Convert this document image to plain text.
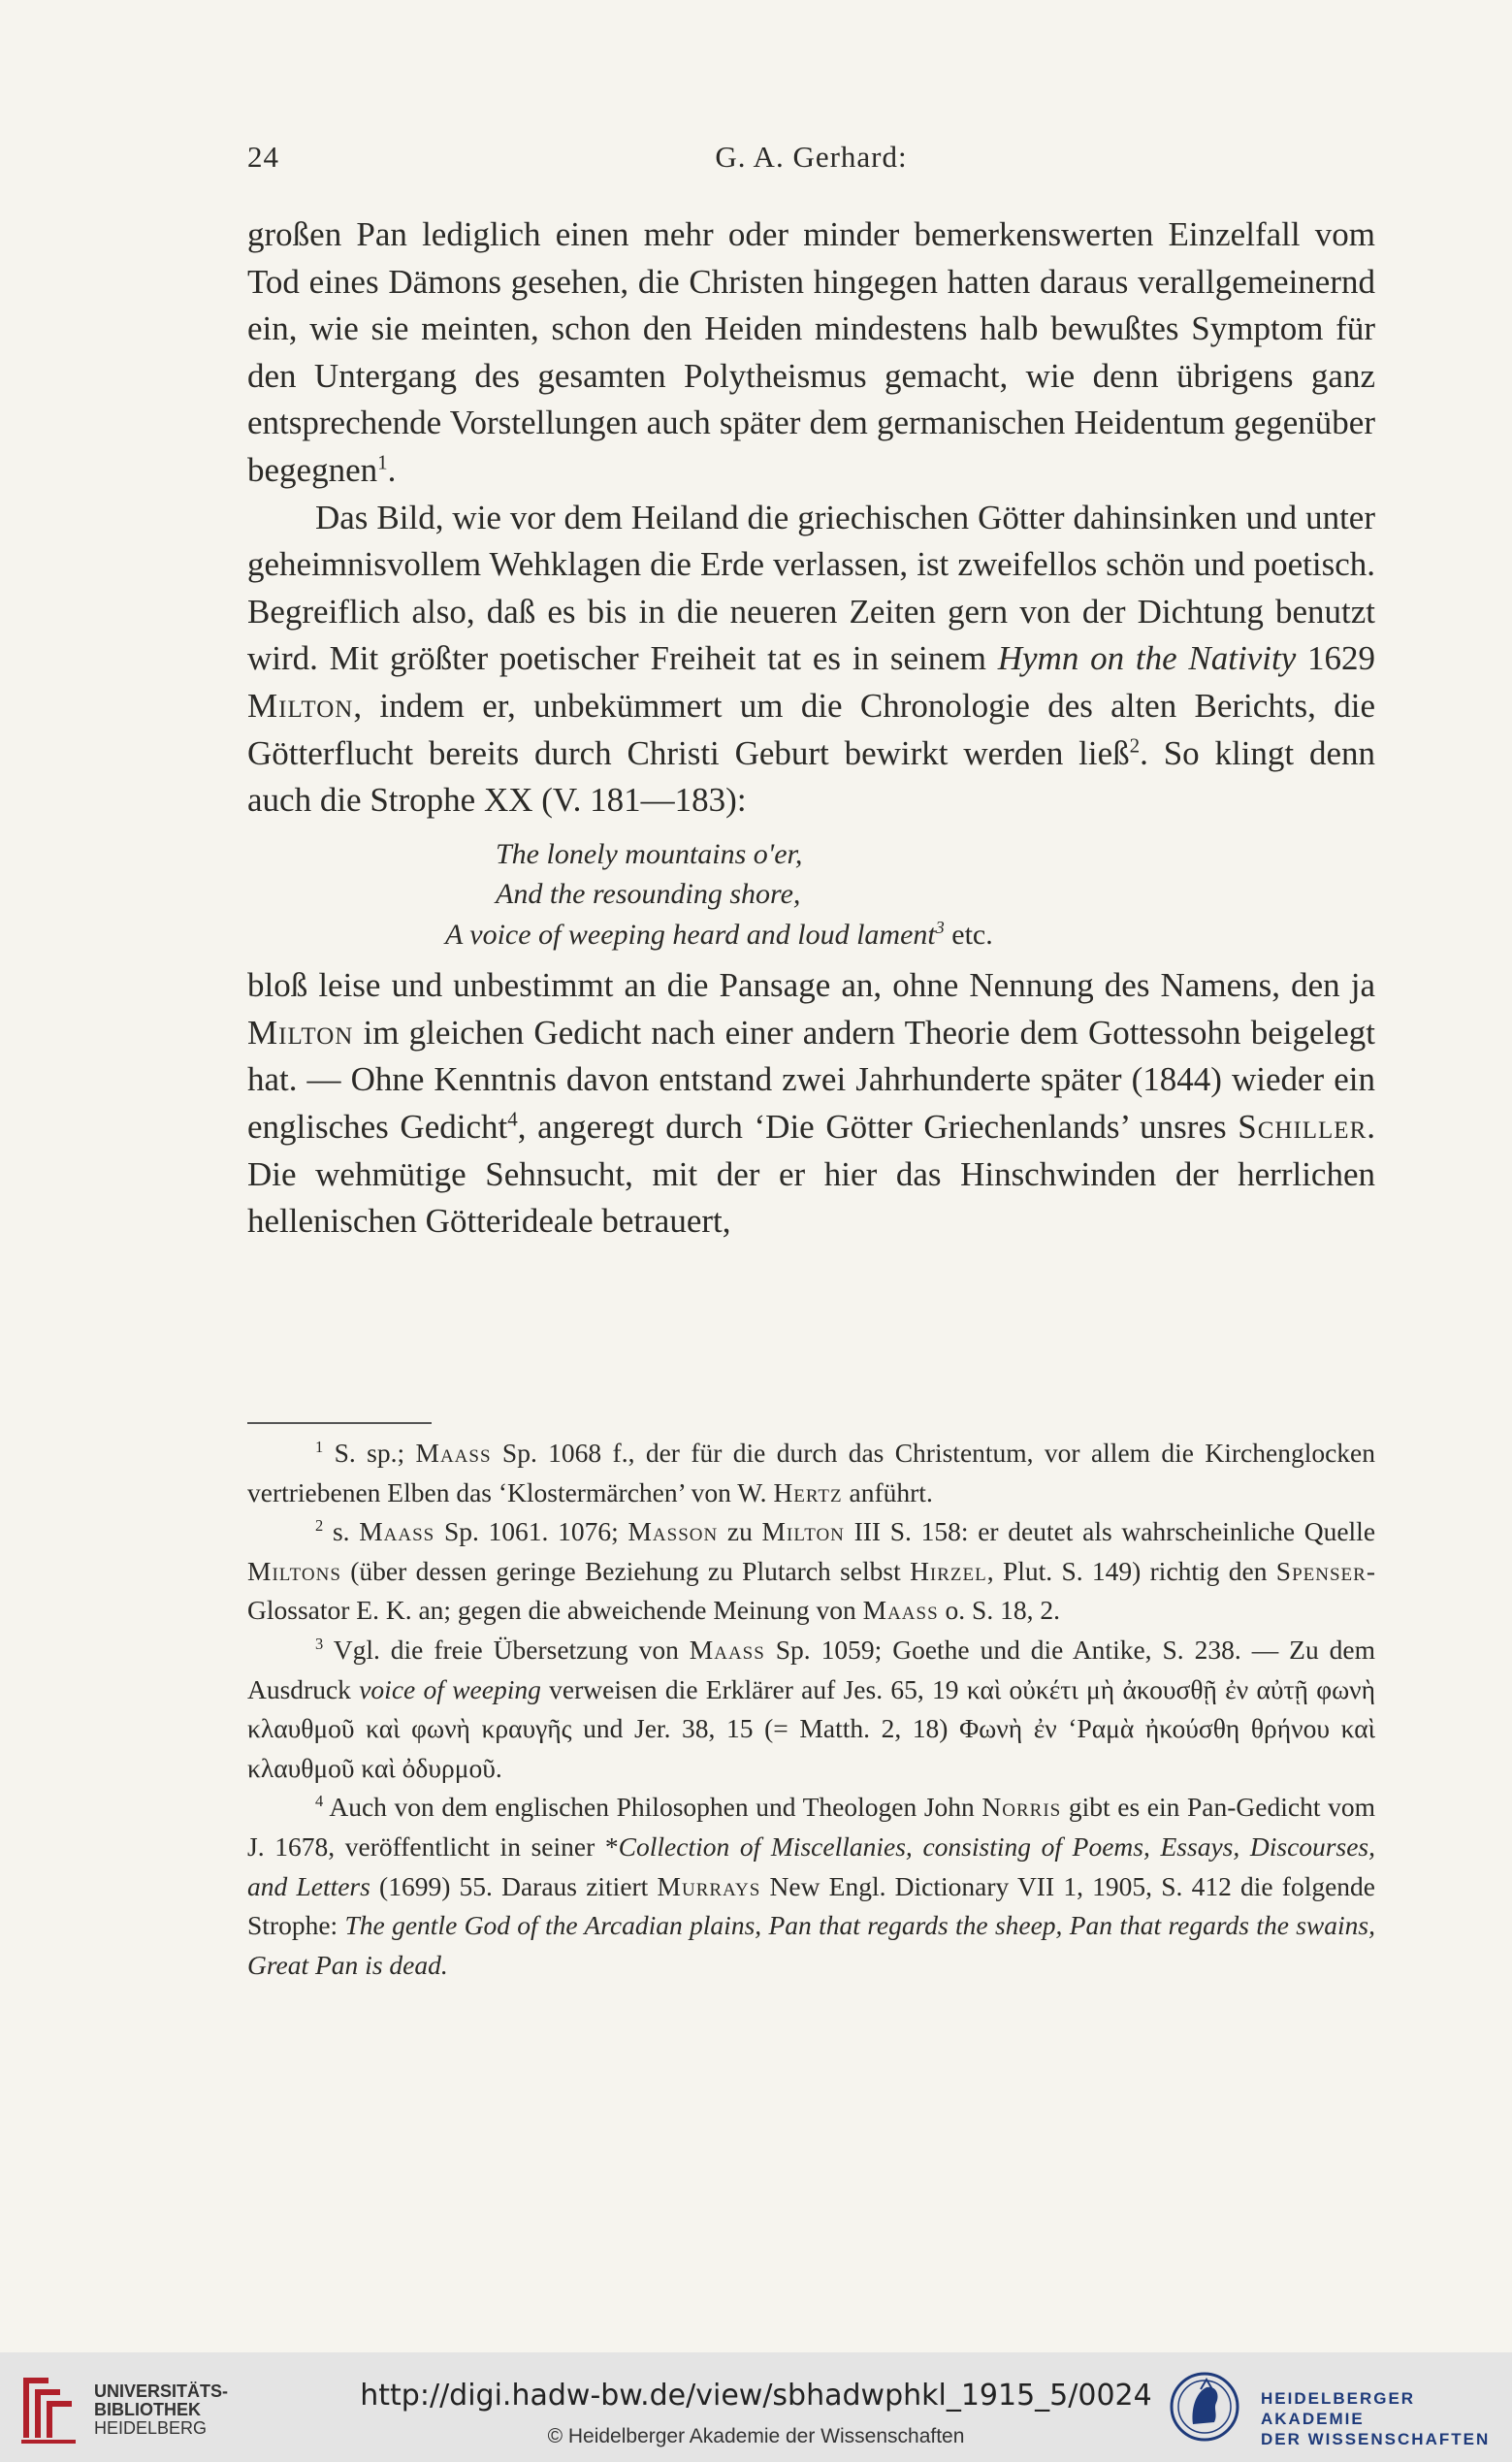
24	G. A. Gerhard:

großen Pan lediglich einen mehr oder minder bemerkenswerten Einzelfall vom Tod eines Dämons gesehen, die Christen hingegen hatten daraus verallgemeinernd ein, wie sie meinten, schon den Heiden mindestens halb bewußtes Symptom für den Untergang des gesamten Polytheismus gemacht, wie denn übrigens ganz entsprechende Vorstellungen auch später dem germanischen Heidentum gegenüber begegnen$^1$.

Das Bild, wie vor dem Heiland die griechischen Götter dahinsinken und unter geheimnisvollem Wehklagen die Erde verlassen, ist zweifellos schön und poetisch. Begreiflich also, daß es bis in die neueren Zeiten gern von der Dichtung benutzt wird. Mit größter poetischer Freiheit tat es in seinem Hymn on the Nativity 1629 Milton, indem er, unbekümmert um die Chronologie des alten Berichts, die Götterflucht bereits durch Christi Geburt bewirkt werden ließ$^2$. So klingt denn auch die Strophe XX (V. 181—183):

The lonely mountains o'er,
And the resounding shore,
A voice of weeping heard and loud lament$^3$ etc.

bloß leise und unbestimmt an die Pansage an, ohne Nennung des Namens, den ja Milton im gleichen Gedicht nach einer andern Theorie dem Gottessohn beigelegt hat. — Ohne Kenntnis davon entstand zwei Jahrhunderte später (1844) wieder ein englisches Gedicht$^4$, angeregt durch ‘Die Götter Griechenlands’ unsres Schiller. Die wehmütige Sehnsucht, mit der er hier das Hinschwinden der herrlichen hellenischen Götterideale betrauert,

$^1$ S. sp.; Maass Sp. 1068 f., der für die durch das Christentum, vor allem die Kirchenglocken vertriebenen Elben das ‘Klostermärchen’ von W. Hertz anführt.

$^2$ s. Maass Sp. 1061. 1076; Masson zu Milton III S. 158: er deutet als wahrscheinliche Quelle Miltons (über dessen geringe Beziehung zu Plutarch selbst Hirzel, Plut. S. 149) richtig den Spenser-Glossator E. K. an; gegen die abweichende Meinung von Maass o. S. 18, 2.

$^3$ Vgl. die freie Übersetzung von Maass Sp. 1059; Goethe und die Antike, S. 238. — Zu dem Ausdruck voice of weeping verweisen die Erklärer auf Jes. 65, 19 καὶ οὐκέτι μὴ ἀκουσθῇ ἐν αὐτῇ φωνὴ κλαυθμοῦ καὶ φωνὴ κραυγῆς und Jer. 38, 15 (= Matth. 2, 18) Φωνὴ ἐν ‘Ραμὰ ἠκούσθη θρήνου καὶ κλαυθμοῦ καὶ ὀδυρμοῦ.

$^4$ Auch von dem englischen Philosophen und Theologen John Norris gibt es ein Pan-Gedicht vom J. 1678, veröffentlicht in seiner *Collection of Miscellanies, consisting of Poems, Essays, Discourses, and Letters (1699) 55. Daraus zitiert Murrays New Engl. Dictionary VII 1, 1905, S. 412 die folgende Strophe: The gentle God of the Arcadian plains, Pan that regards the sheep, Pan that regards the swains, Great Pan is dead.

UNIVERSITÄTS-
BIBLIOTHEK
HEIDELBERG
http://digi.hadw-bw.de/view/sbhadwphkl_1915_5/0024
© Heidelberger Akademie der Wissenschaften
HEIDELBERGER AKADEMIE
DER WISSENSCHAFTEN
